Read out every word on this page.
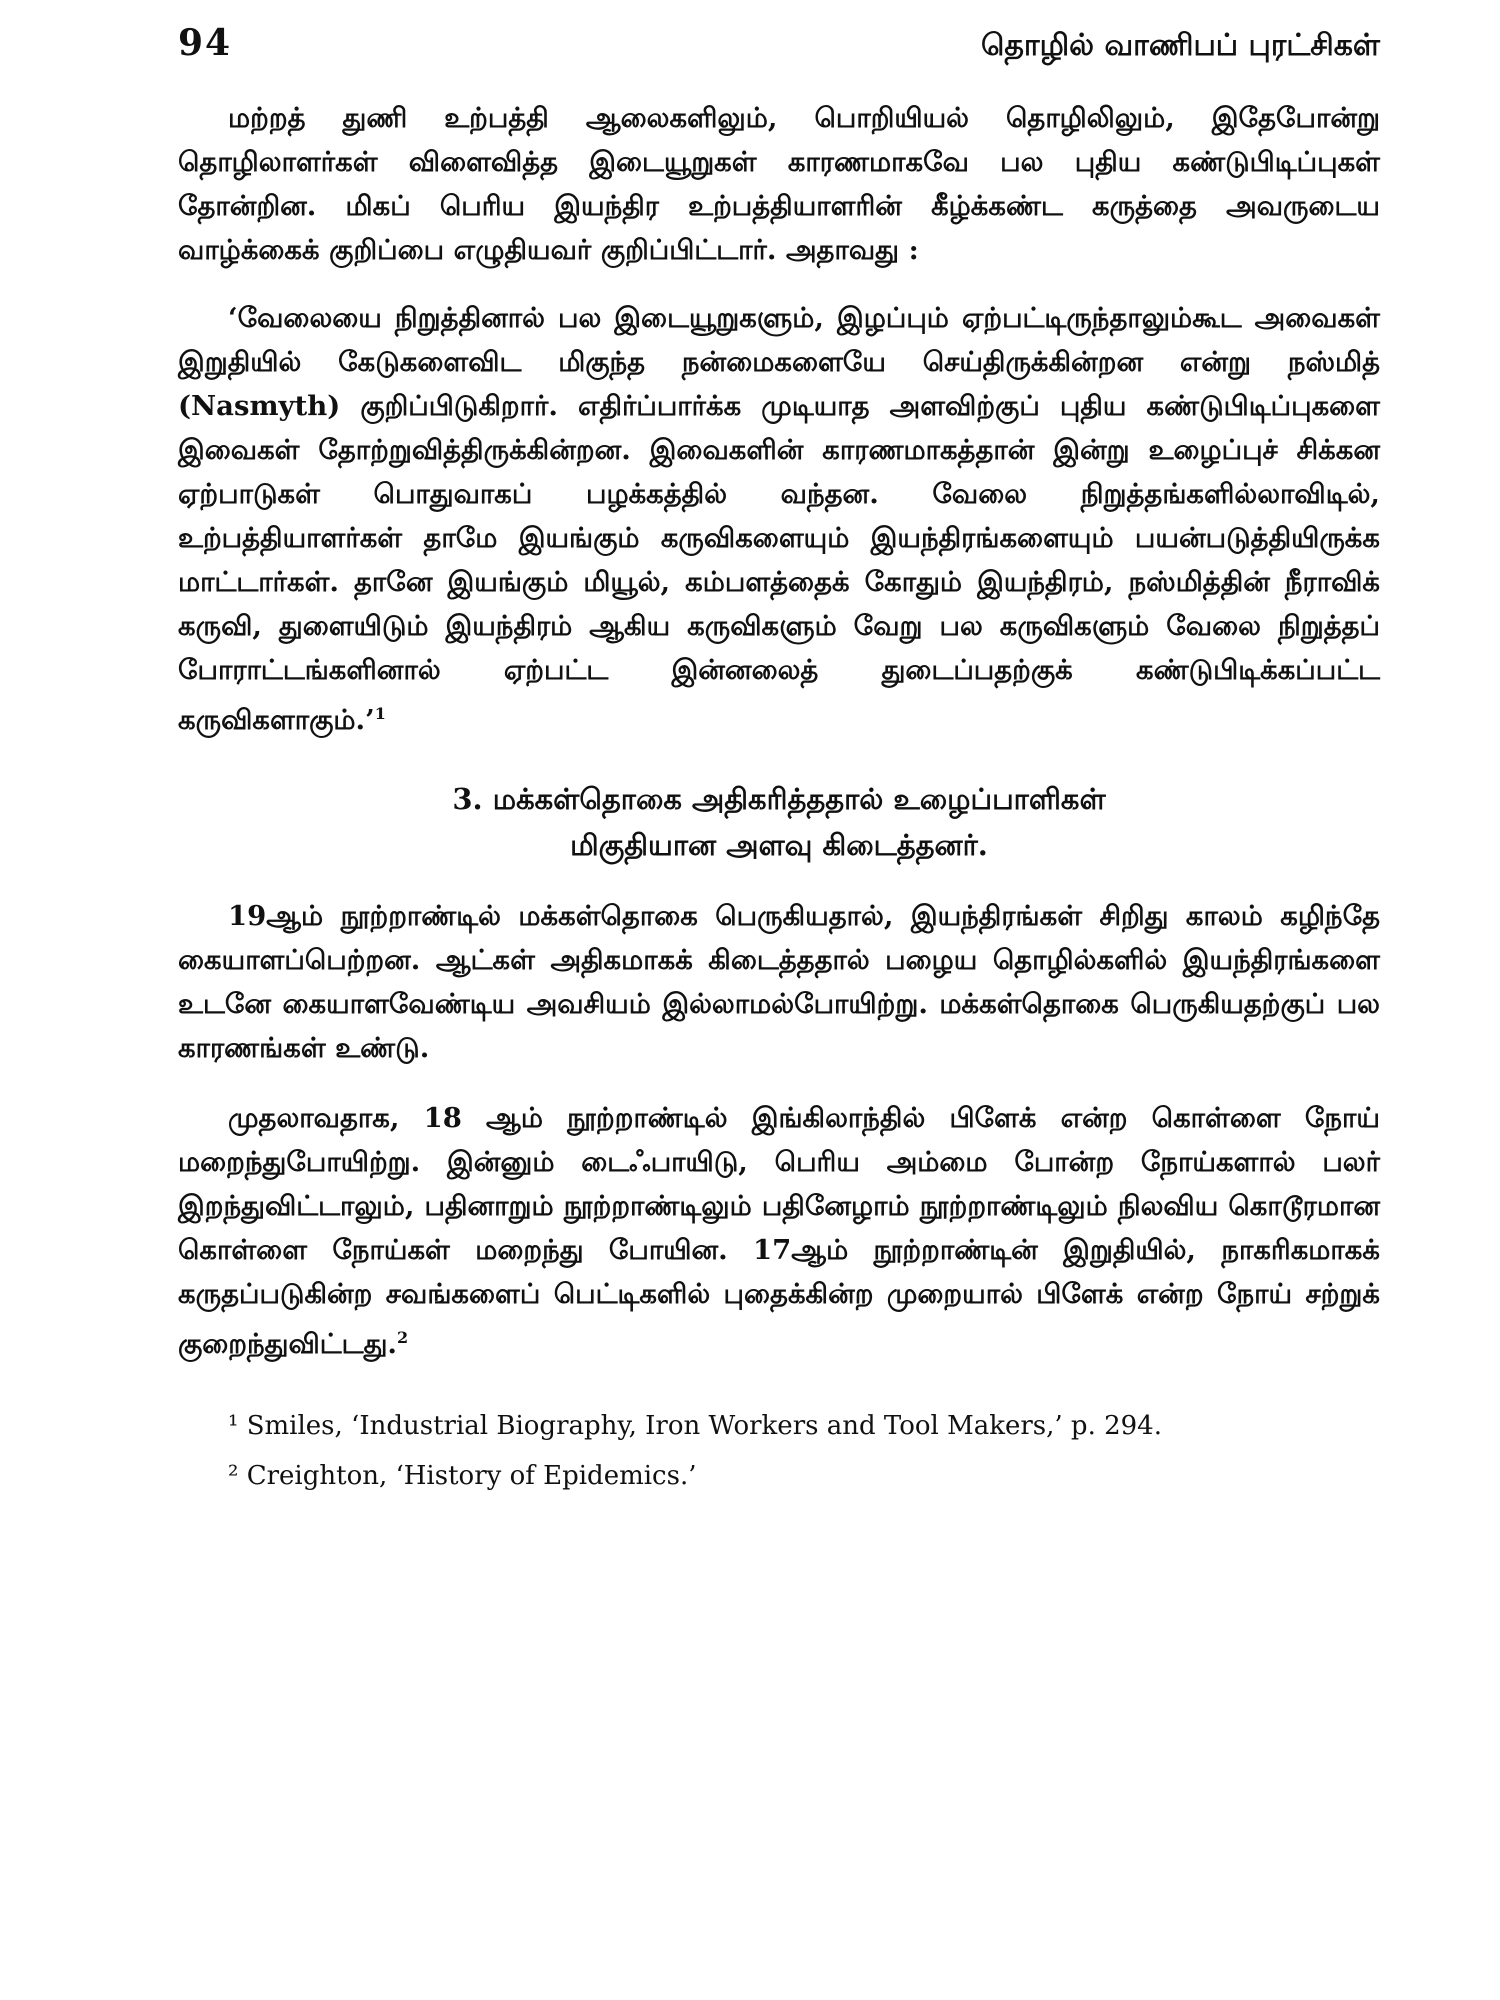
94	தொழில் வாணிபப் புரட்சிகள்

மற்றத் துணி உற்பத்தி ஆலைகளிலும், பொறியியல் தொழிலிலும், இதேபோன்று தொழிலாளர்கள் விளைவித்த இடையூறுகள் காரணமாகவே பல புதிய கண்டுபிடிப்புகள் தோன்றின. மிகப் பெரிய இயந்திர உற்பத்தியாளரின் கீழ்க்கண்ட கருத்தை அவருடைய வாழ்க்கைக் குறிப்பை எழுதியவர் குறிப்பிட்டார். அதாவது :

‘வேலையை நிறுத்தினால் பல இடையூறுகளும், இழப்பும் ஏற்பட்டிருந்தாலும்கூட அவைகள் இறுதியில் கேடுகளைவிட மிகுந்த நன்மைகளையே செய்திருக்கின்றன என்று நஸ்மித் (Nasmyth) குறிப்பிடுகிறார். எதிர்ப்பார்க்க முடியாத அளவிற்குப் புதிய கண்டுபிடிப்புகளை இவைகள் தோற்றுவித்திருக்கின்றன. இவைகளின் காரணமாகத்தான் இன்று உழைப்புச் சிக்கன ஏற்பாடுகள் பொதுவாகப் பழக்கத்தில் வந்தன. வேலை நிறுத்தங்களில்லாவிடில், உற்பத்தியாளர்கள் தாமே இயங்கும் கருவிகளையும் இயந்திரங்களையும் பயன்படுத்தியிருக்க மாட்டார்கள். தானே இயங்கும் மியூல், கம்பளத்தைக் கோதும் இயந்திரம், நஸ்மித்தின் நீராவிக் கருவி, துளையிடும் இயந்திரம் ஆகிய கருவிகளும் வேறு பல கருவிகளும் வேலை நிறுத்தப் போராட்டங்களினால் ஏற்பட்ட இன்னலைத் துடைப்பதற்குக் கண்டுபிடிக்கப்பட்ட கருவிகளாகும்.’$^1$

3. மக்கள்தொகை அதிகரித்ததால் உழைப்பாளிகள்
மிகுதியான அளவு கிடைத்தனர்.

19ஆம் நூற்றாண்டில் மக்கள்தொகை பெருகியதால், இயந்திரங்கள் சிறிது காலம் கழிந்தே கையாளப்பெற்றன. ஆட்கள் அதிகமாகக் கிடைத்ததால் பழைய தொழில்களில் இயந்திரங்களை உடனே கையாளவேண்டிய அவசியம் இல்லாமல்போயிற்று. மக்கள்தொகை பெருகியதற்குப் பல காரணங்கள் உண்டு.

முதலாவதாக, 18 ஆம் நூற்றாண்டில் இங்கிலாந்தில் பிளேக் என்ற கொள்ளை நோய் மறைந்துபோயிற்று. இன்னும் டைஃபாயிடு, பெரிய அம்மை போன்ற நோய்களால் பலர் இறந்துவிட்டாலும், பதினாறும் நூற்றாண்டிலும் பதினேழாம் நூற்றாண்டிலும் நிலவிய கொடூரமான கொள்ளை நோய்கள் மறைந்து போயின. 17ஆம் நூற்றாண்டின் இறுதியில், நாகரிகமாகக் கருதப்படுகின்ற சவங்களைப் பெட்டிகளில் புதைக்கின்ற முறையால் பிளேக் என்ற நோய் சற்றுக் குறைந்துவிட்டது.$^2$

¹ Smiles, ‘Industrial Biography, Iron Workers and Tool Makers,’ p. 294.

² Creighton, ‘History of Epidemics.’
